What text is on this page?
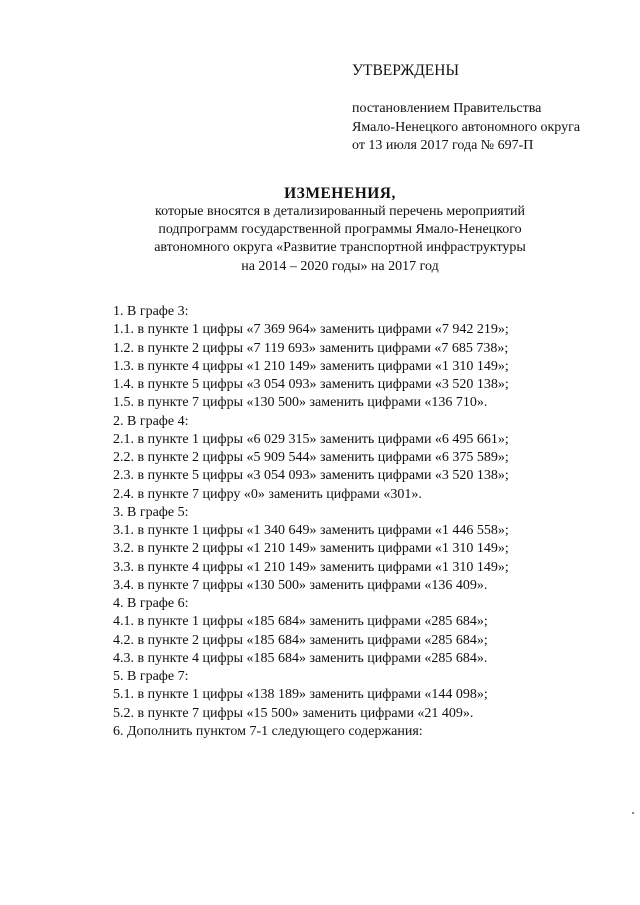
УТВЕРЖДЕНЫ
постановлением Правительства
Ямало-Ненецкого автономного округа
от 13 июля 2017 года № 697-П
ИЗМЕНЕНИЯ,
которые вносятся в детализированный перечень мероприятий
подпрограмм государственной программы Ямало-Ненецкого
автономного округа «Развитие транспортной инфраструктуры
на 2014 – 2020 годы» на 2017 год
1. В графе 3:
1.1. в пункте 1 цифры «7 369 964» заменить цифрами «7 942 219»;
1.2. в пункте 2 цифры «7 119 693» заменить цифрами «7 685 738»;
1.3. в пункте 4 цифры «1 210 149» заменить цифрами «1 310 149»;
1.4. в пункте 5 цифры «3 054 093» заменить цифрами «3 520 138»;
1.5. в пункте 7 цифры «130 500» заменить цифрами «136 710».
2. В графе 4:
2.1. в пункте 1 цифры «6 029 315» заменить цифрами «6 495 661»;
2.2. в пункте 2 цифры «5 909 544» заменить цифрами «6 375 589»;
2.3. в пункте 5 цифры «3 054 093» заменить цифрами «3 520 138»;
2.4. в пункте 7 цифру «0» заменить цифрами «301».
3. В графе 5:
3.1. в пункте 1 цифры «1 340 649» заменить цифрами «1 446 558»;
3.2. в пункте 2 цифры «1 210 149» заменить цифрами «1 310 149»;
3.3. в пункте 4 цифры «1 210 149» заменить цифрами «1 310 149»;
3.4. в пункте 7 цифры «130 500» заменить цифрами «136 409».
4. В графе 6:
4.1. в пункте 1 цифры «185 684» заменить цифрами «285 684»;
4.2. в пункте 2 цифры «185 684» заменить цифрами «285 684»;
4.3. в пункте 4 цифры «185 684» заменить цифрами «285 684».
5. В графе 7:
5.1. в пункте 1 цифры «138 189» заменить цифрами «144 098»;
5.2. в пункте 7 цифры «15 500» заменить цифрами «21 409».
6. Дополнить пунктом 7-1 следующего содержания:
